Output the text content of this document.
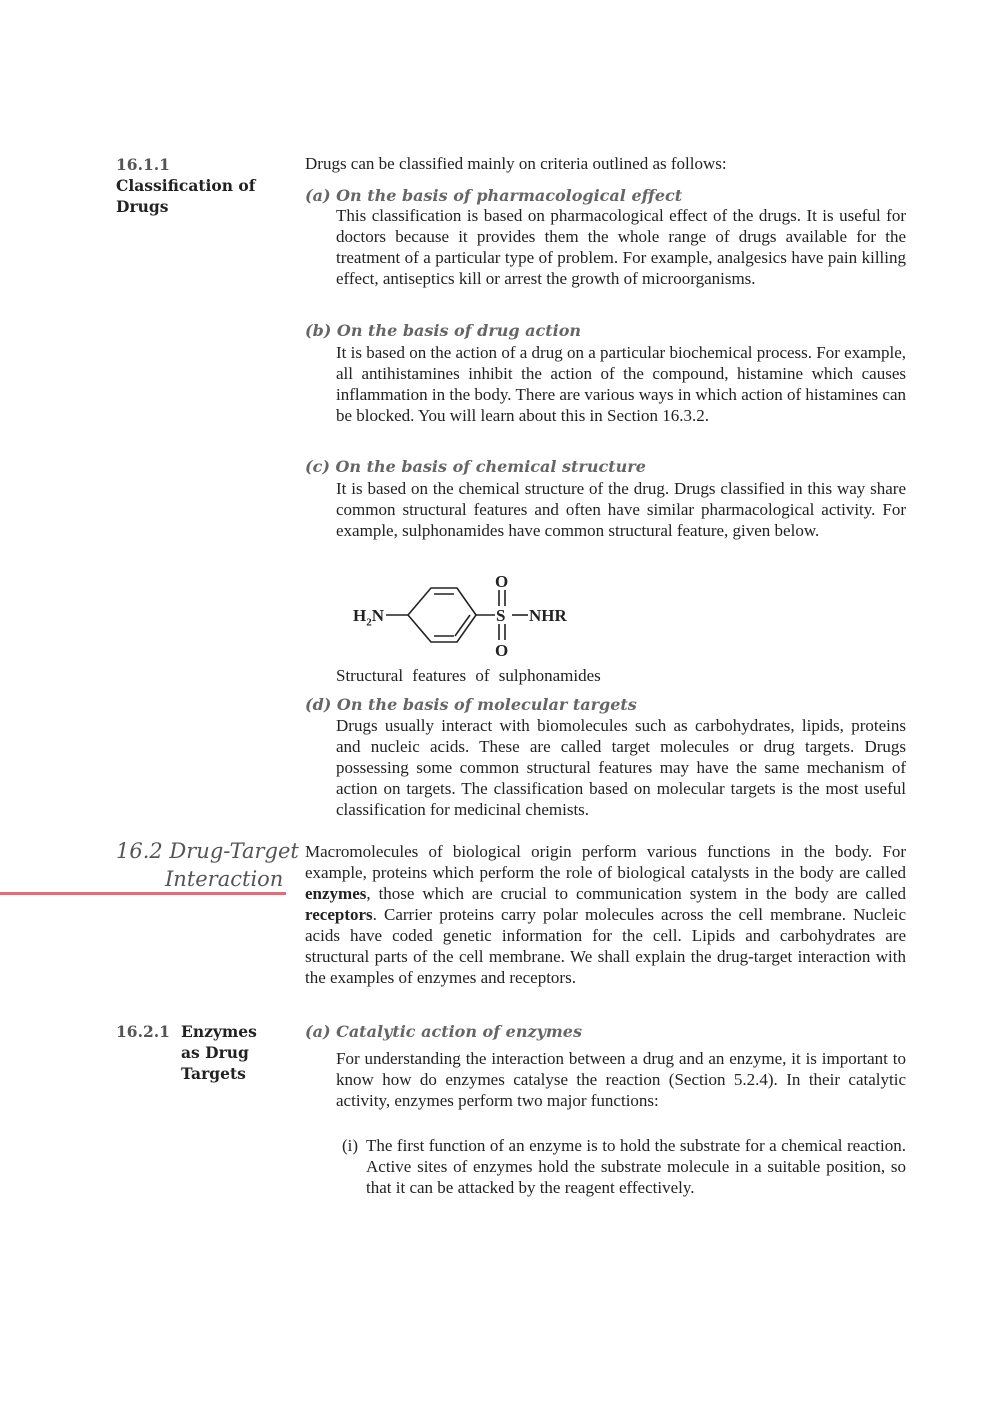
16.1.1
Classification of
Drugs
Drugs can be classified mainly on criteria outlined as follows:
(a) On the basis of pharmacological effect
This classification is based on pharmacological effect of the drugs. It is useful for doctors because it provides them the whole range of drugs available for the treatment of a particular type of problem. For example, analgesics have pain killing effect, antiseptics kill or arrest the growth of microorganisms.
(b) On the basis of drug action
It is based on the action of a drug on a particular biochemical process. For example, all antihistamines inhibit the action of the compound, histamine which causes inflammation in the body. There are various ways in which action of histamines can be blocked. You will learn about this in Section 16.3.2.
(c) On the basis of chemical structure
It is based on the chemical structure of the drug. Drugs classified in this way share common structural features and often have similar pharmacological activity. For example, sulphonamides have common structural feature, given below.
$H_2N$
O
S
O
NHR
Structural features of sulphonamides
(d) On the basis of molecular targets
Drugs usually interact with biomolecules such as carbohydrates, lipids, proteins and nucleic acids. These are called target molecules or drug targets. Drugs possessing some common structural features may have the same mechanism of action on targets. The classification based on molecular targets is the most useful classification for medicinal chemists.
16.2 Drug-Target
Interaction
Macromolecules of biological origin perform various functions in the body. For example, proteins which perform the role of biological catalysts in the body are called enzymes, those which are crucial to communication system in the body are called receptors. Carrier proteins carry polar molecules across the cell membrane. Nucleic acids have coded genetic information for the cell. Lipids and carbohydrates are structural parts of the cell membrane. We shall explain the drug-target interaction with the examples of enzymes and receptors.
16.2.1 Enzymes
as Drug
Targets
(a) Catalytic action of enzymes
For understanding the interaction between a drug and an enzyme, it is important to know how do enzymes catalyse the reaction (Section 5.2.4). In their catalytic activity, enzymes perform two major functions:
(i) The first function of an enzyme is to hold the substrate for a chemical reaction. Active sites of enzymes hold the substrate molecule in a suitable position, so that it can be attacked by the reagent effectively.
